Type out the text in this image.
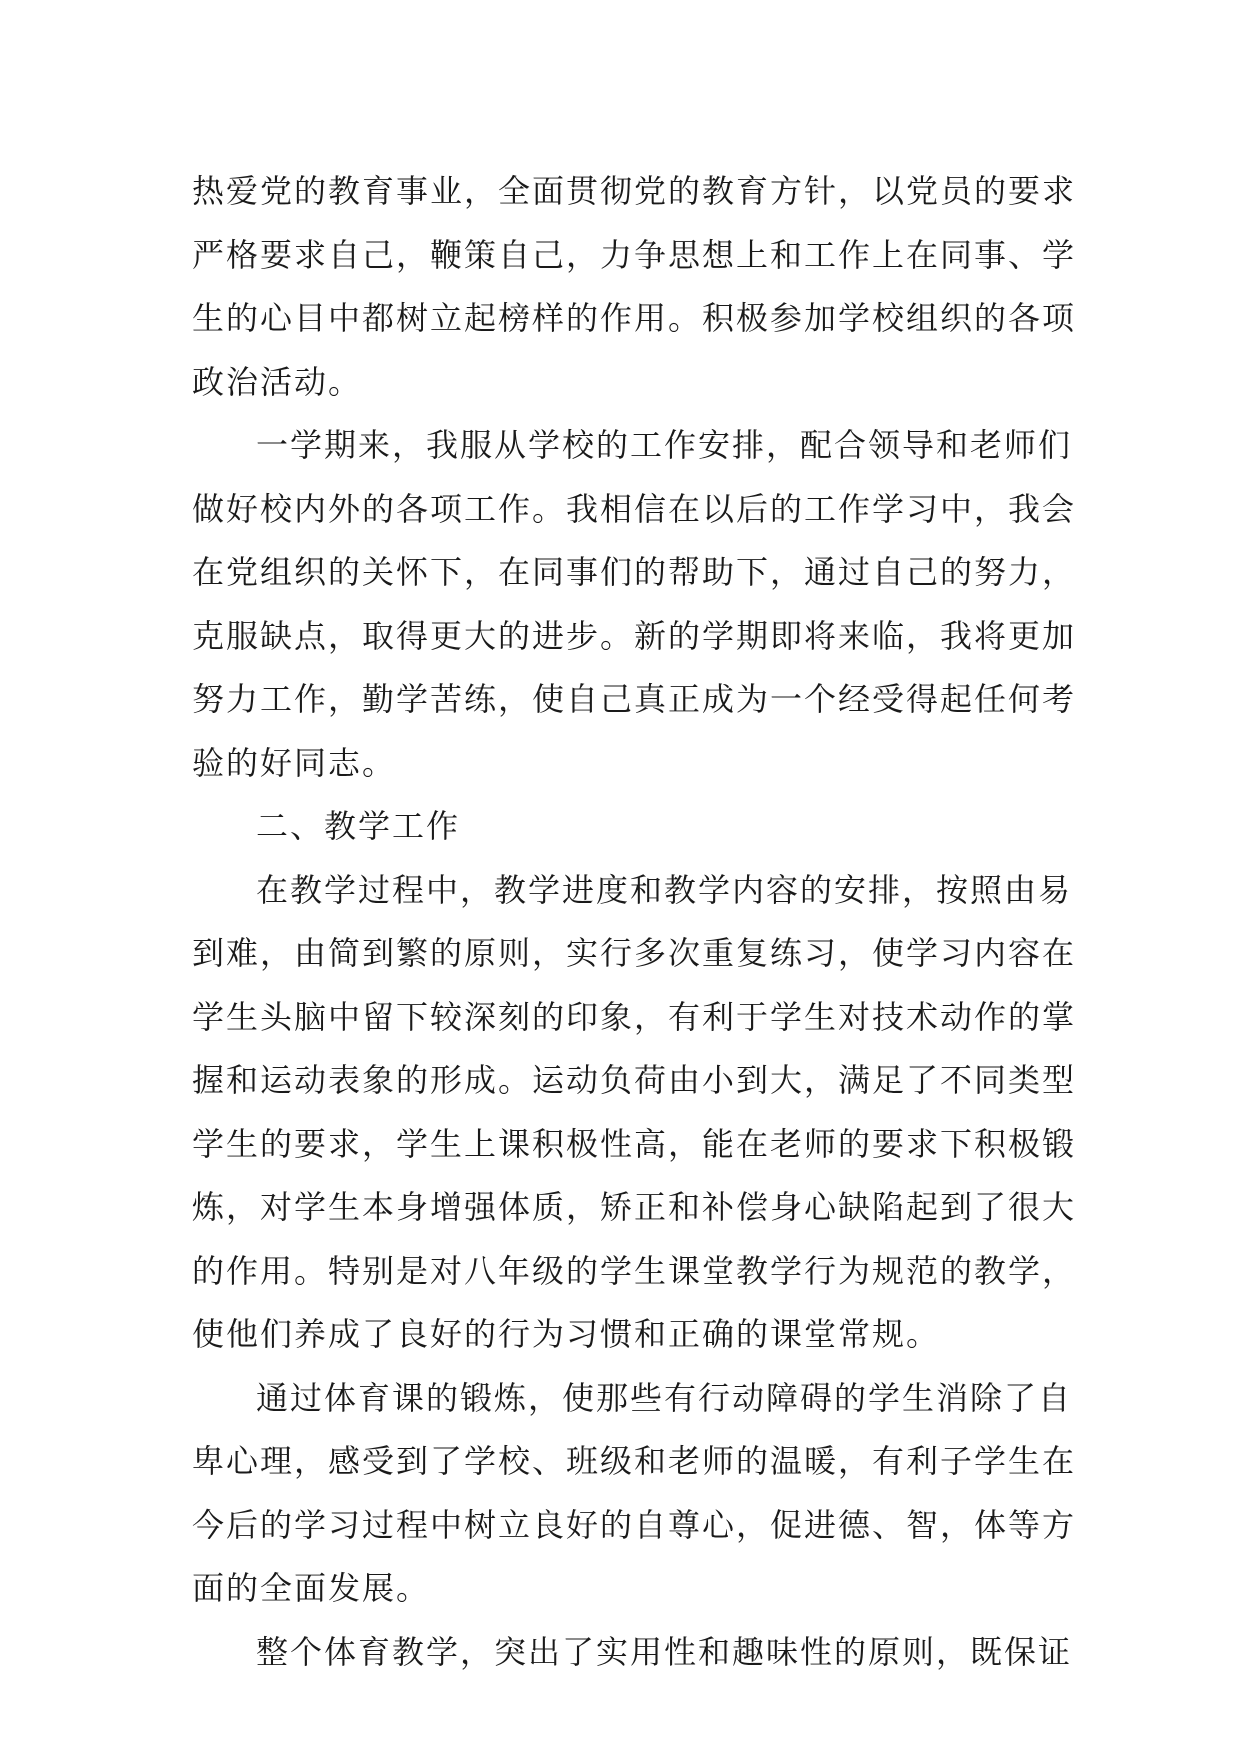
热爱党的教育事业，全面贯彻党的教育方针，以党员的要求
严格要求自己，鞭策自己，力争思想上和工作上在同事、学
生的心目中都树立起榜样的作用。积极参加学校组织的各项
政治活动。
一学期来，我服从学校的工作安排，配合领导和老师们
做好校内外的各项工作。我相信在以后的工作学习中，我会
在党组织的关怀下，在同事们的帮助下，通过自己的努力，
克服缺点，取得更大的进步。新的学期即将来临，我将更加
努力工作，勤学苦练，使自己真正成为一个经受得起任何考
验的好同志。
二、教学工作
在教学过程中，教学进度和教学内容的安排，按照由易
到难，由简到繁的原则，实行多次重复练习，使学习内容在
学生头脑中留下较深刻的印象，有利于学生对技术动作的掌
握和运动表象的形成。运动负荷由小到大，满足了不同类型
学生的要求，学生上课积极性高，能在老师的要求下积极锻
炼，对学生本身增强体质，矫正和补偿身心缺陷起到了很大
的作用。特别是对八年级的学生课堂教学行为规范的教学，
使他们养成了良好的行为习惯和正确的课堂常规。
通过体育课的锻炼，使那些有行动障碍的学生消除了自
卑心理，感受到了学校、班级和老师的温暖，有利子学生在
今后的学习过程中树立良好的自尊心，促进德、智，体等方
面的全面发展。
整个体育教学，突出了实用性和趣味性的原则，既保证
